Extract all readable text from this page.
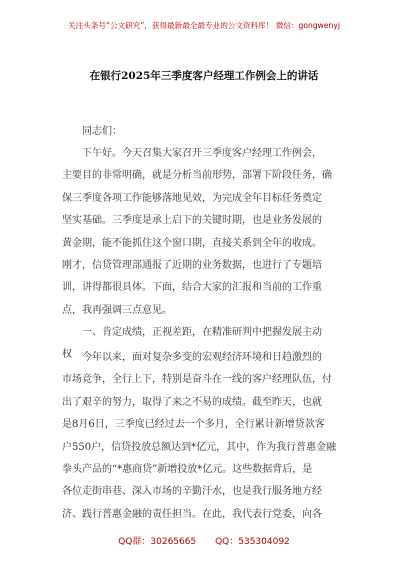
关注头条号“公文研究”，获得最新最全最专业的公文资料库！ 微信：gongwenyj
在银行2025年三季度客户经理工作例会上的讲话
同志们：
下午好。今天召集大家召开三季度客户经理工作例会，
主要目的非常明确，就是分析当前形势，部署下阶段任务，确
保三季度各项工作能够落地见效，为完成全年目标任务奠定
坚实基础。三季度是承上启下的关键时期，也是业务发展的
黄金期，能不能抓住这个窗口期，直接关系到全年的收成。
刚才，信贷管理部通报了近期的业务数据，也进行了专题培
训，讲得都很具体。下面，结合大家的汇报和当前的工作重
点，我再强调三点意见。
一、肯定成绩，正视差距，在精准研判中把握发展主动
权	今年以来，面对复杂多变的宏观经济环境和日趋激烈的
市场竞争，全行上下，特别是奋斗在一线的客户经理队伍，付
出了艰辛的努力，取得了来之不易的成绩。截至昨天，也就
是8月6日，三季度已经过去一个多月，全行累计新增贷款客
户550户，信贷投放总额达到*亿元，其中，作为我行普惠金融
拳头产品的“*惠商贷”新增投放*亿元。这些数据背后，是
各位走街串巷、深入市场的辛勤汗水，也是我行服务地方经
济、践行普惠金融的责任担当。在此，我代表行党委，向各
QQ群：30265665 QQ：535304092
